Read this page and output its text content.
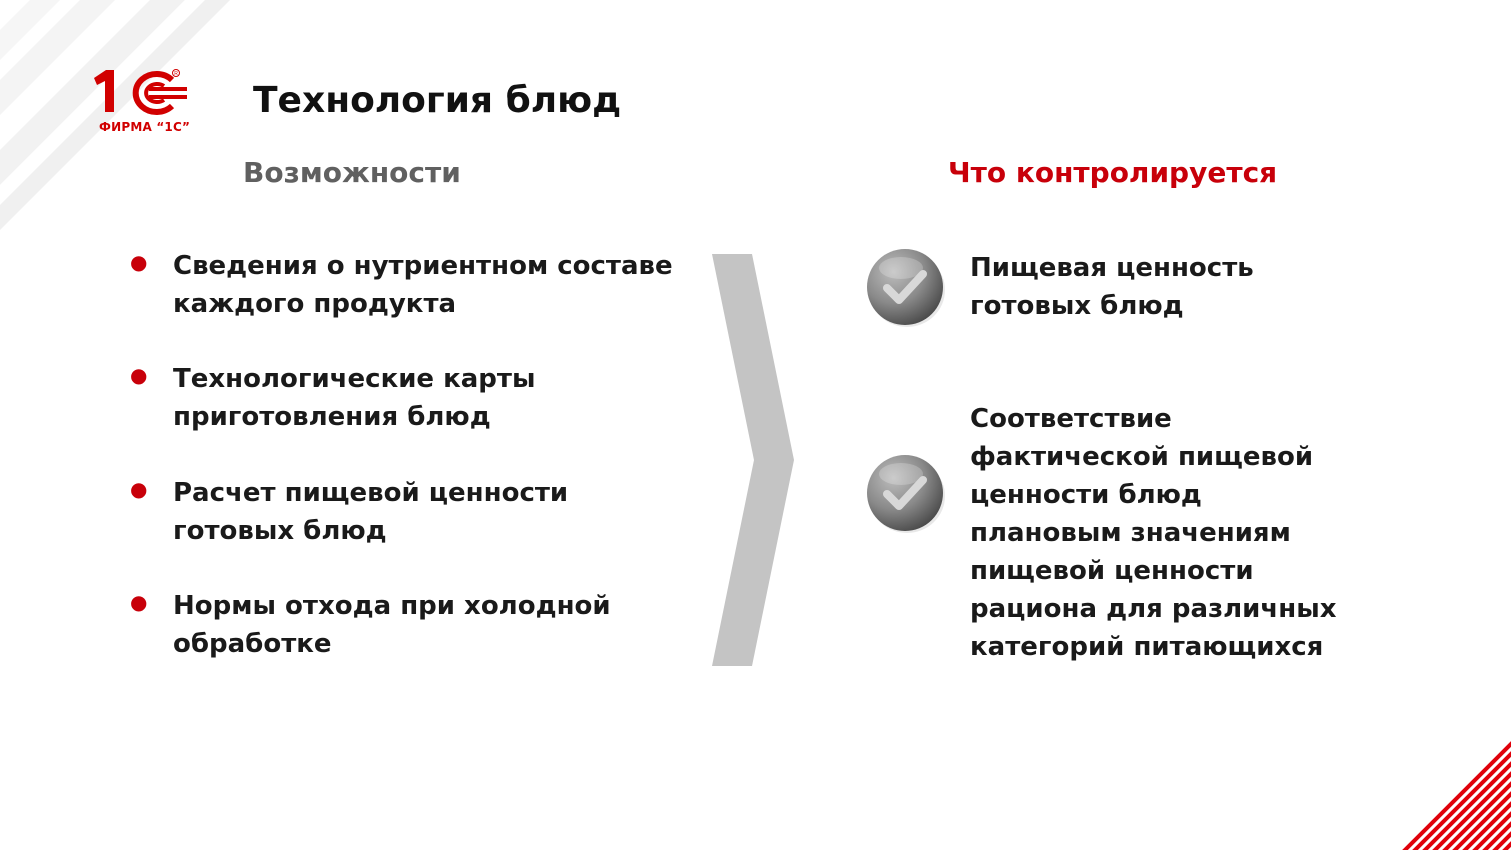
R
ФИРМА “1С”
Технология блюд
Возможности	Что контролируется
● Сведения о нутриентном составе каждого продукта
● Технологические карты приготовления блюд
● Расчет пищевой ценности готовых блюд
● Нормы отхода при холодной обработке
Пищевая ценность готовых блюд
Соответствие фактической пищевой ценности блюд плановым значениям пищевой ценности рациона для различных категорий питающихся
